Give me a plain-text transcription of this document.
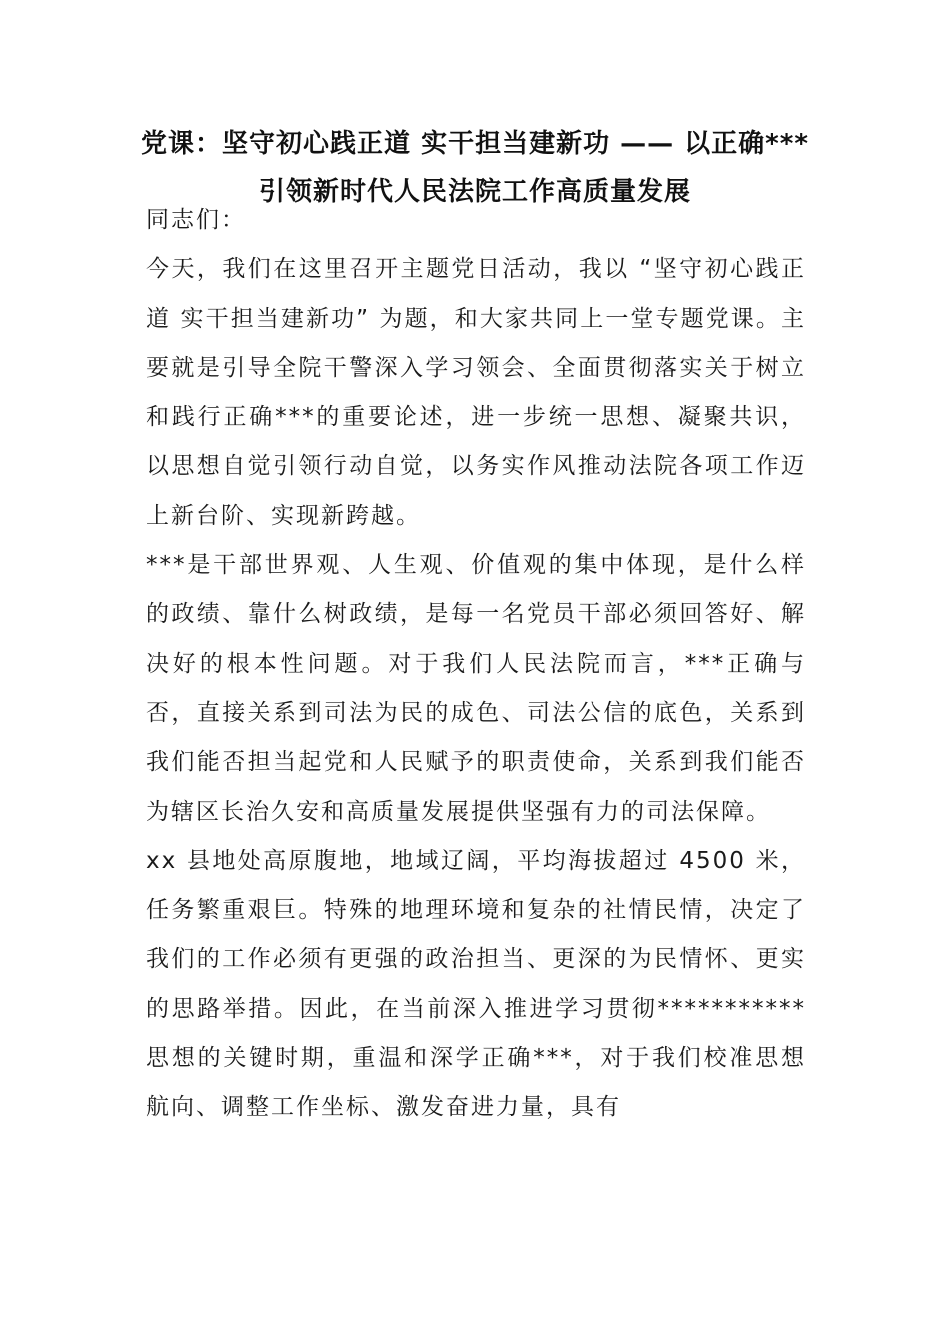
党课：坚守初心践正道 实干担当建新功 —— 以正确***引领新时代人民法院工作高质量发展

同志们：

今天，我们在这里召开主题党日活动，我以 “坚守初心践正道 实干担当建新功” 为题，和大家共同上一堂专题党课。主要就是引导全院干警深入学习领会、全面贯彻落实关于树立和践行正确***的重要论述，进一步统一思想、凝聚共识，以思想自觉引领行动自觉，以务实作风推动法院各项工作迈上新台阶、实现新跨越。

***是干部世界观、人生观、价值观的集中体现，是什么样的政绩、靠什么树政绩，是每一名党员干部必须回答好、解决好的根本性问题。对于我们人民法院而言，***正确与否，直接关系到司法为民的成色、司法公信的底色，关系到我们能否担当起党和人民赋予的职责使命，关系到我们能否为辖区长治久安和高质量发展提供坚强有力的司法保障。

xx 县地处高原腹地，地域辽阔，平均海拔超过 4500 米，任务繁重艰巨。特殊的地理环境和复杂的社情民情，决定了我们的工作必须有更强的政治担当、更深的为民情怀、更实的思路举措。因此，在当前深入推进学习贯彻***********思想的关键时期，重温和深学正确***，对于我们校准思想航向、调整工作坐标、激发奋进力量，具有
